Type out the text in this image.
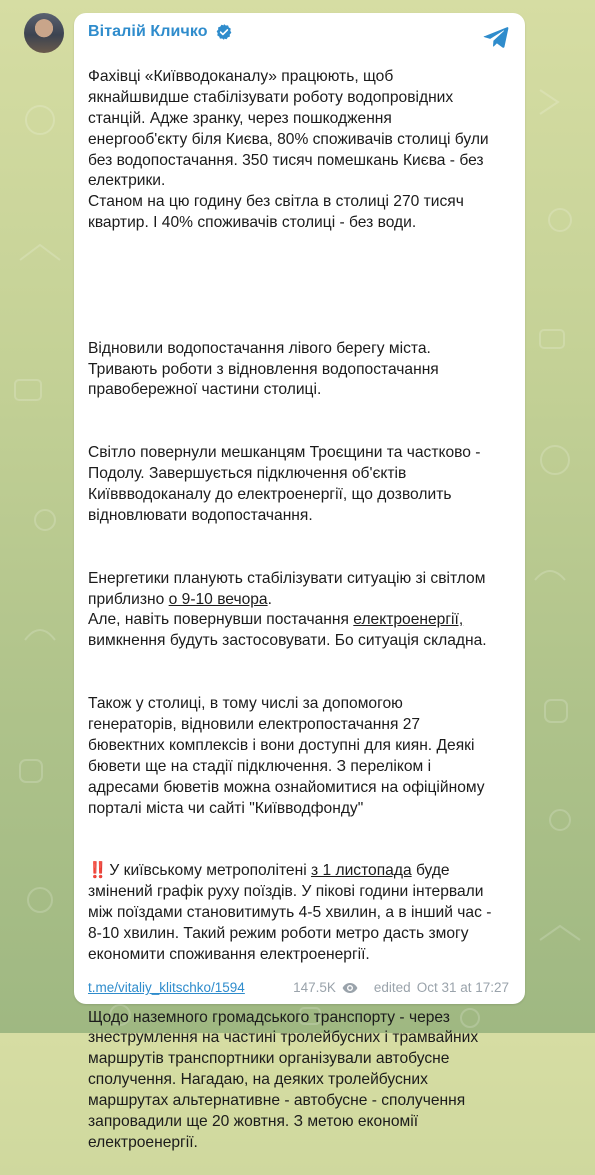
Віталій Кличко

Фахівці «Київводоканалу» працюють, щоб
якнайшвидше стабілізувати роботу водопровідних
станцій. Адже зранку, через пошкодження
енергооб'єкту біля Києва, 80% споживачів столиці були
без водопостачання. 350 тисяч помешкань Києва - без
електрики.
Станом на цю годину без світла в столиці 270 тисяч
квартир. І 40% споживачів столиці - без води.

Відновили водопостачання лівого берегу міста.
Тривають роботи з відновлення водопостачання
правобережної частини столиці.

Світло повернули мешканцям Троєщини та частково -
Подолу. Завершується підключення об'єктів
Київвводоканалу до електроенергії, що дозволить
відновлювати водопостачання.

Енергетики планують стабілізувати ситуацію зі світлом
приблизно о 9-10 вечора.
Але, навіть повернувши постачання електроенергії,
вимкнення будуть застосовувати. Бо ситуація складна.

Також у столиці, в тому числі за допомогою
генераторів, відновили електропостачання 27
бювектних комплексів і вони доступні для киян. Деякі
бювети ще на стадії підключення. З переліком і
адресами бюветів можна ознайомитися на офіційному
порталі міста чи сайті "Київводфонду"

‼️ У київському метрополітені з 1 листопада буде
змінений графік руху поїздів. У пікові години інтервали
між поїздами становитимуть 4-5 хвилин, а в інший час -
8-10 хвилин. Такий режим роботи метро дасть змогу
економити споживання електроенергії.

Щодо наземного громадського транспорту - через
знеструмлення на частині тролейбусних і трамвайних
маршрутів транспортники організували автобусне
сполучення. Нагадаю, на деяких тролейбусних
маршрутах альтернативне - автобусне - сполучення
запровадили ще 20 жовтня. З метою економії
електроенергії.

t.me/vitaliy_klitschko/1594	147.5K	edited Oct 31 at 17:27
